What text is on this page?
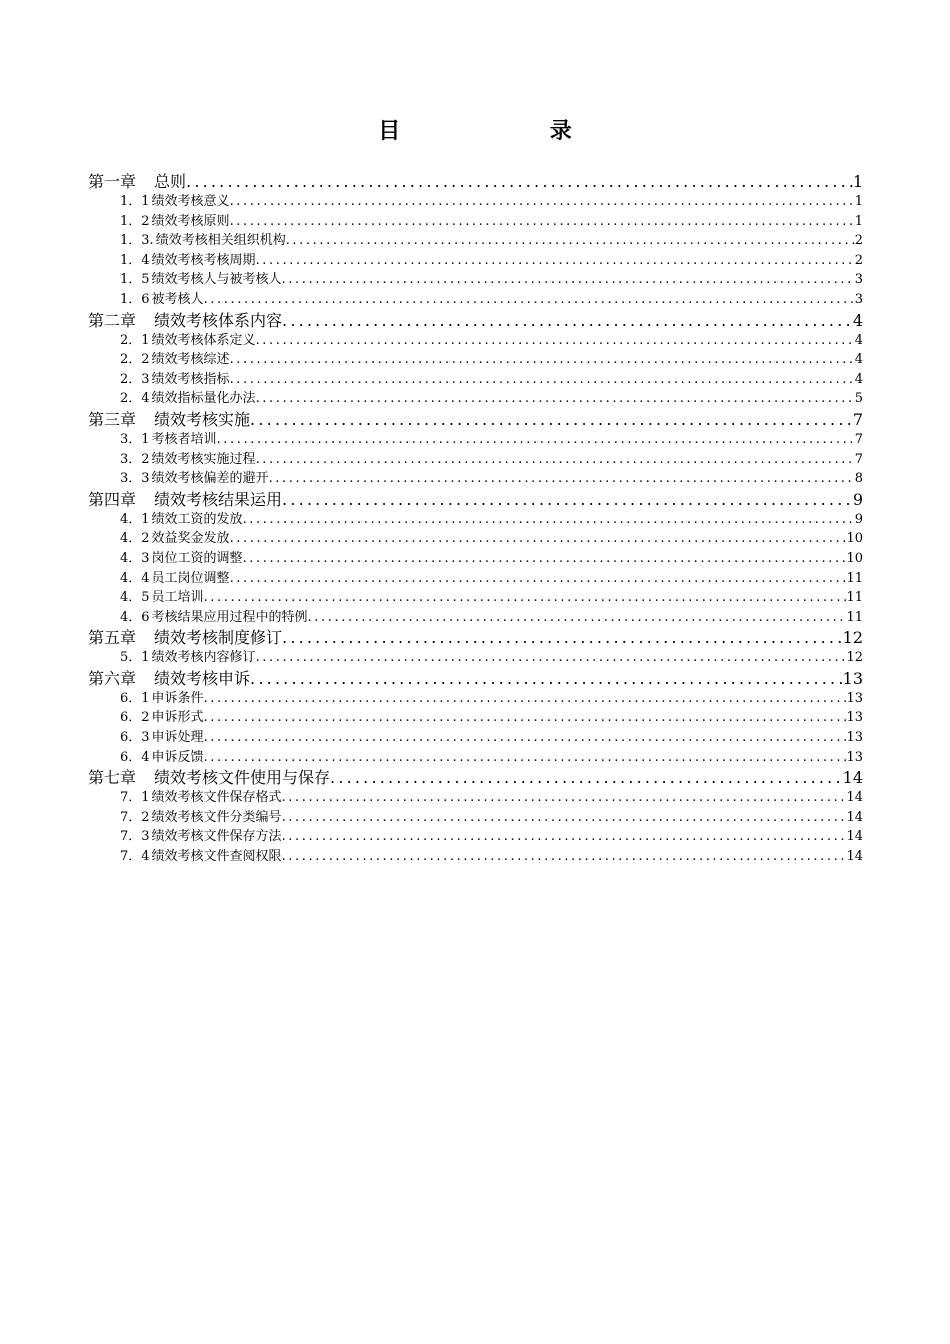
目　　录
第一章 总则 .....	1
1．1 绩效考核意义 .....	1
1．2 绩效考核原则 .....	1
1．3. 绩效考核相关组织机构 .....	2
1．4 绩效考核考核周期 .....	2
1．5 绩效考核人与被考核人 .....	3
1．6 被考核人 .....	3
第二章 绩效考核体系内容 .....	4
2．1 绩效考核体系定义 .....	4
2．2 绩效考核综述 .....	4
2．3 绩效考核指标 .....	4
2．4 绩效指标量化办法 .....	5
第三章 绩效考核实施 .....	7
3．1 考核者培训 .....	7
3．2 绩效考核实施过程 .....	7
3．3 绩效考核偏差的避开 .....	8
第四章 绩效考核结果运用 .....	9
4．1 绩效工资的发放 .....	9
4．2 效益奖金发放 .....	10
4．3 岗位工资的调整 .....	10
4．4 员工岗位调整 .....	11
4．5 员工培训 .....	11
4．6 考核结果应用过程中的特例 .....	11
第五章 绩效考核制度修订 .....	12
5．1 绩效考核内容修订 .....	12
第六章 绩效考核申诉 .....	13
6．1 申诉条件 .....	13
6．2 申诉形式 .....	13
6．3 申诉处理 .....	13
6．4 申诉反馈 .....	13
第七章 绩效考核文件使用与保存 .....	14
7．1 绩效考核文件保存格式 .....	14
7．2 绩效考核文件分类编号 .....	14
7．3 绩效考核文件保存方法 .....	14
7．4 绩效考核文件查阅权限 .....	14
